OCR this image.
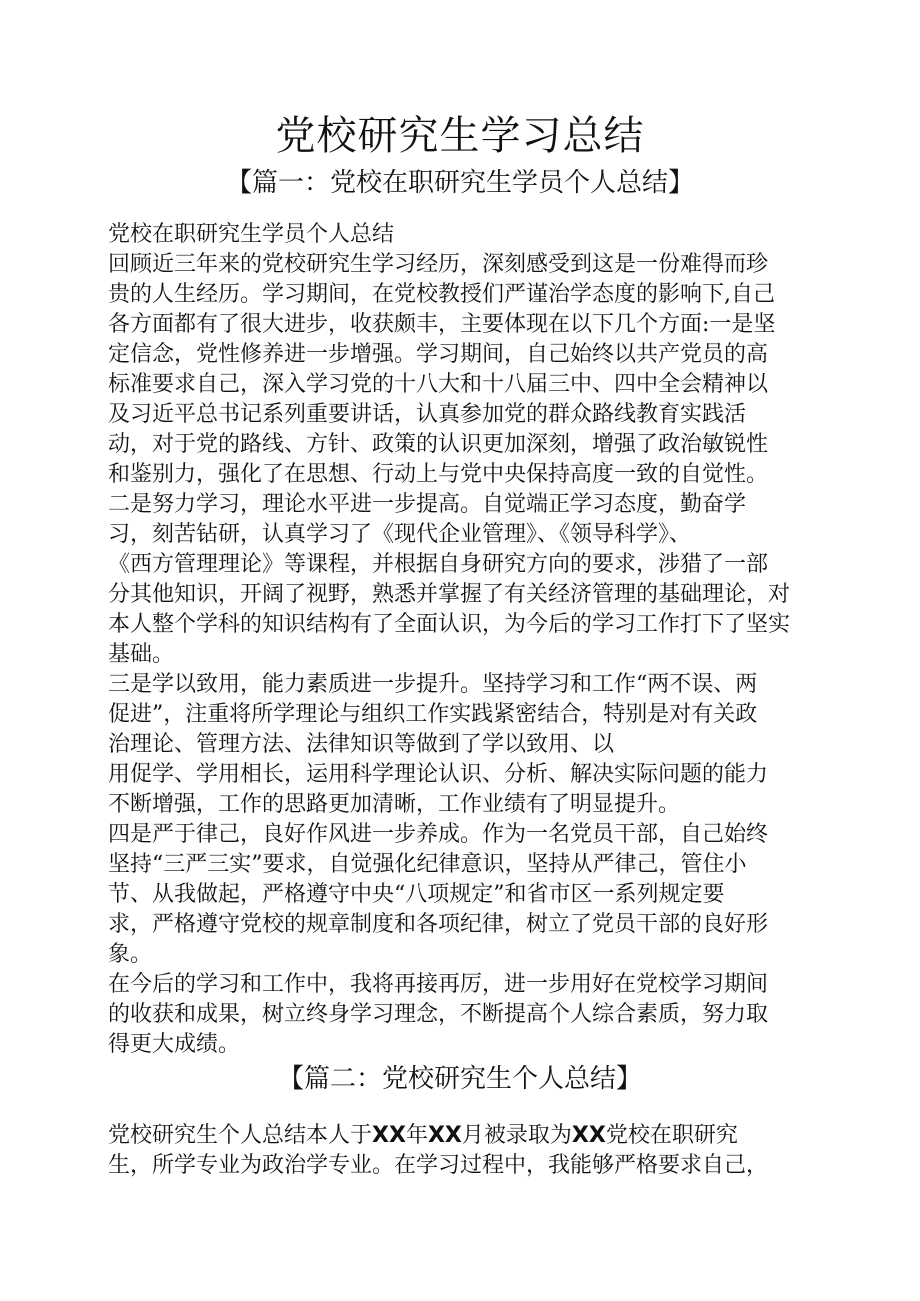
党校研究生学习总结
【篇一：党校在职研究生学员个人总结】
党校在职研究生学员个人总结
回顾近三年来的党校研究生学习经历，深刻感受到这是一份难得而珍
贵的人生经历。学习期间，在党校教授们严谨治学态度的影响下,自己
各方面都有了很大进步，收获颇丰，主要体现在以下几个方面:一是坚
定信念，党性修养进一步增强。学习期间，自己始终以共产党员的高
标准要求自己，深入学习党的十八大和十八届三中、四中全会精神以
及习近平总书记系列重要讲话，认真参加党的群众路线教育实践活
动，对于党的路线、方针、政策的认识更加深刻，增强了政治敏锐性
和鉴别力，强化了在思想、行动上与党中央保持高度一致的自觉性。
二是努力学习，理论水平进一步提高。自觉端正学习态度，勤奋学
习，刻苦钻研，认真学习了《现代企业管理》、《领导科学》、
《西方管理理论》等课程，并根据自身研究方向的要求，涉猎了一部
分其他知识，开阔了视野，熟悉并掌握了有关经济管理的基础理论，对
本人整个学科的知识结构有了全面认识，为今后的学习工作打下了坚实
基础。
三是学以致用，能力素质进一步提升。坚持学习和工作“两不误、两
促进”，注重将所学理论与组织工作实践紧密结合，特别是对有关政
治理论、管理方法、法律知识等做到了学以致用、以
用促学、学用相长，运用科学理论认识、分析、解决实际问题的能力
不断增强，工作的思路更加清晰，工作业绩有了明显提升。
四是严于律己，良好作风进一步养成。作为一名党员干部，自己始终
坚持“三严三实”要求，自觉强化纪律意识，坚持从严律己，管住小
节、从我做起，严格遵守中央“八项规定”和省市区一系列规定要
求，严格遵守党校的规章制度和各项纪律，树立了党员干部的良好形
象。
在今后的学习和工作中，我将再接再厉，进一步用好在党校学习期间
的收获和成果，树立终身学习理念，不断提高个人综合素质，努力取
得更大成绩。
【篇二：党校研究生个人总结】
党校研究生个人总结本人于XX年XX月被录取为XX党校在职研究
生，所学专业为政治学专业。在学习过程中，我能够严格要求自己，
